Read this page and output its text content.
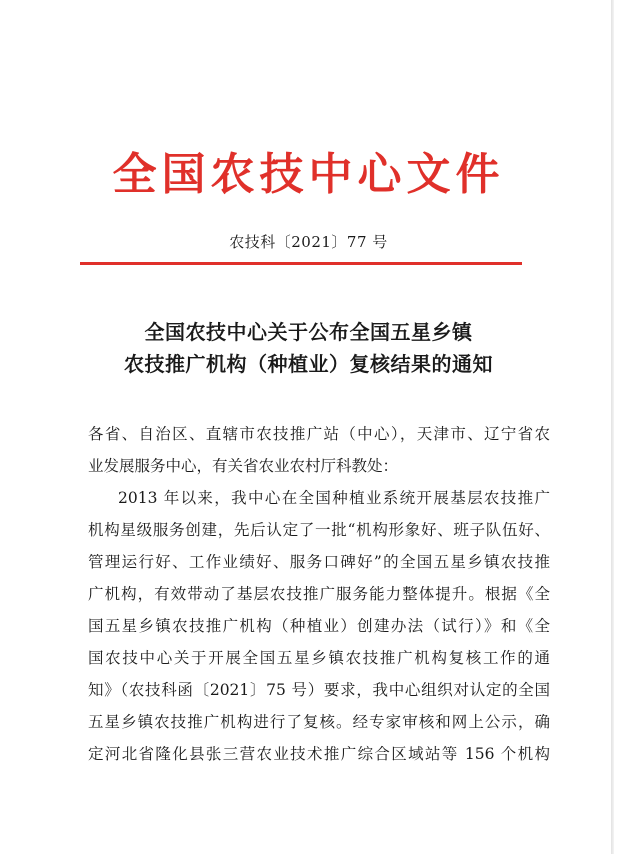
全国农技中心文件
农技科〔2021〕77 号
全国农技中心关于公布全国五星乡镇
农技推广机构（种植业）复核结果的通知
各省、自治区、直辖市农技推广站（中心），天津市、辽宁省农
业发展服务中心，有关省农业农村厅科教处：
2013 年以来，我中心在全国种植业系统开展基层农技推广
机构星级服务创建，先后认定了一批“机构形象好、班子队伍好、
管理运行好、工作业绩好、服务口碑好”的全国五星乡镇农技推
广机构，有效带动了基层农技推广服务能力整体提升。根据《全
国五星乡镇农技推广机构（种植业）创建办法（试行）》和《全
国农技中心关于开展全国五星乡镇农技推广机构复核工作的通
知》（农技科函〔2021〕75 号）要求，我中心组织对认定的全国
五星乡镇农技推广机构进行了复核。经专家审核和网上公示，确
定河北省隆化县张三营农业技术推广综合区域站等 156 个机构
